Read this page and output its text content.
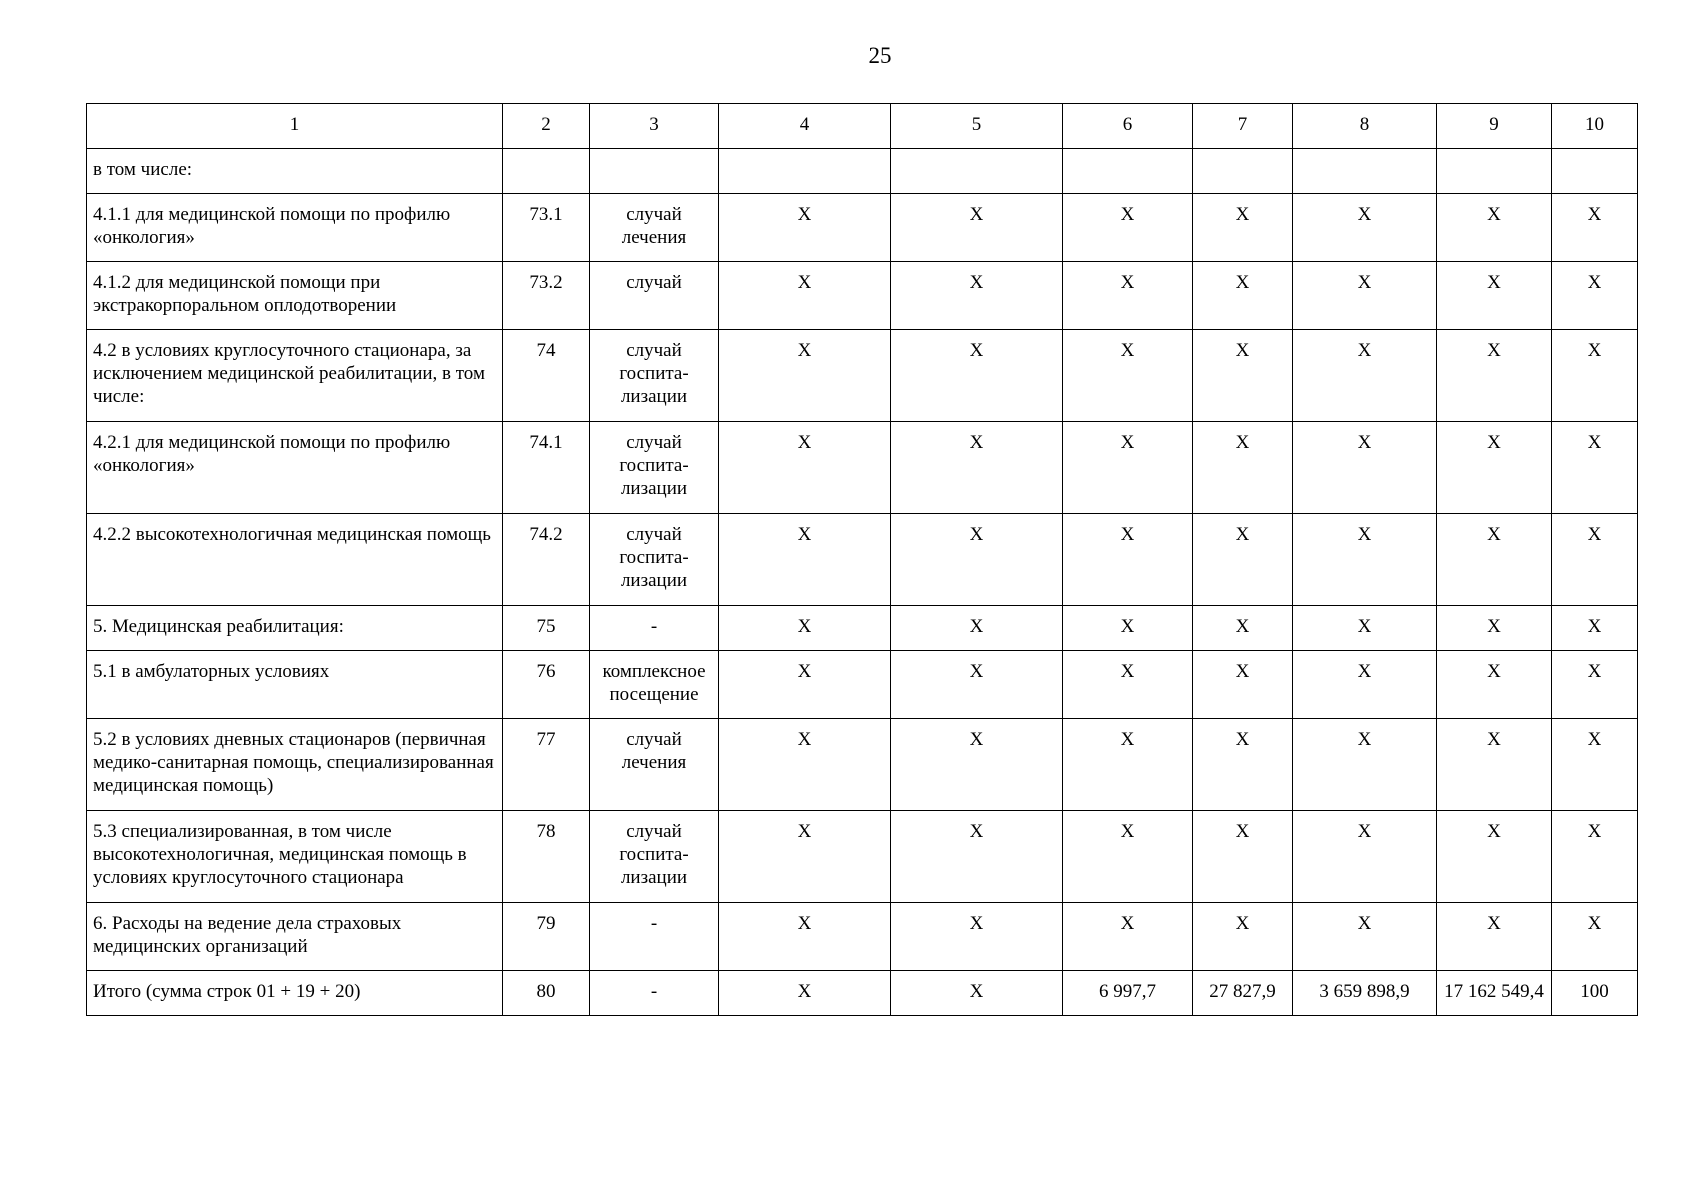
25
1	2	3	4	5	6	7	8	9	10
в том числе:									
4.1.1 для медицинской помощи по профилю «онкология»	73.1	случай лечения	Х	Х	Х	Х	Х	Х	Х
4.1.2 для медицинской помощи при экстракорпоральном оплодотворении	73.2	случай	Х	Х	Х	Х	Х	Х	Х
4.2 в условиях круглосуточного стационара, за исключением медицинской реабилитации, в том числе:	74	случай госпита-лизации	Х	Х	Х	Х	Х	Х	Х
4.2.1 для медицинской помощи по профилю «онкология»	74.1	случай госпита-лизации	Х	Х	Х	Х	Х	Х	Х
4.2.2 высокотехнологичная медицинская помощь	74.2	случай госпита-лизации	Х	Х	Х	Х	Х	Х	Х
5. Медицинская реабилитация:	75	-	Х	Х	Х	Х	Х	Х	Х
5.1 в амбулаторных условиях	76	комплексное посещение	Х	Х	Х	Х	Х	Х	Х
5.2 в условиях дневных стационаров (первичная медико-санитарная помощь, специализированная медицинская помощь)	77	случай лечения	Х	Х	Х	Х	Х	Х	Х
5.3 специализированная, в том числе высокотехнологичная, медицинская помощь в условиях круглосуточного стационара	78	случай госпита-лизации	Х	Х	Х	Х	Х	Х	Х
6. Расходы на ведение дела страховых медицинских организаций	79	-	Х	Х	Х	Х	Х	Х	Х
Итого (сумма строк 01 + 19 + 20)	80	-	Х	Х	6 997,7	27 827,9	3 659 898,9	17 162 549,4	100
